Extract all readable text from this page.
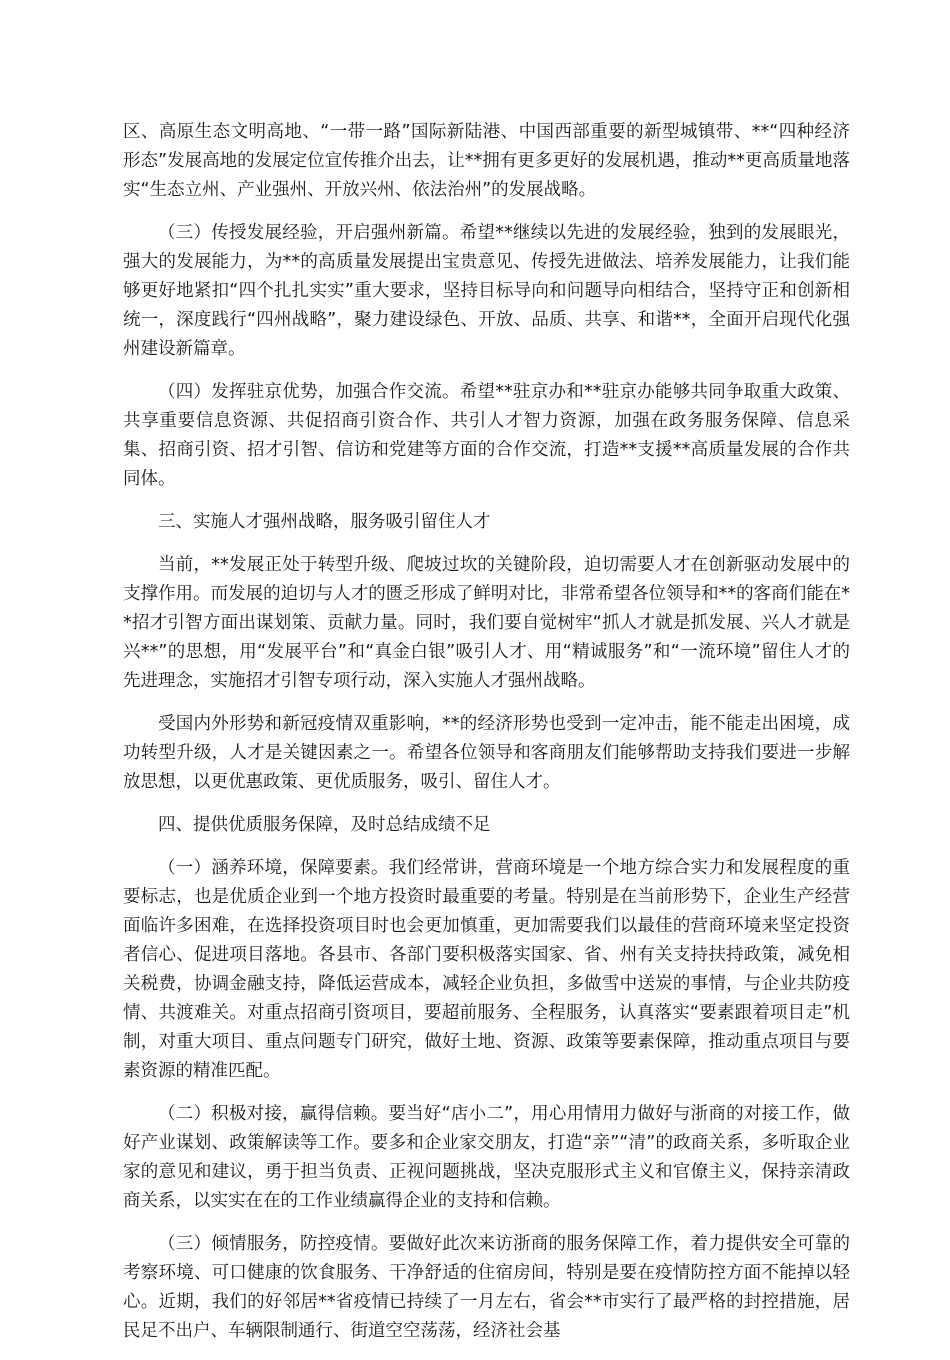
区、高原生态文明高地、“一带一路”国际新陆港、中国西部重要的新型城镇带、**“四种经济形态”发展高地的发展定位宣传推介出去，让**拥有更多更好的发展机遇，推动**更高质量地落实“生态立州、产业强州、开放兴州、依法治州”的发展战略。

（三）传授发展经验，开启强州新篇。希望**继续以先进的发展经验，独到的发展眼光，强大的发展能力，为**的高质量发展提出宝贵意见、传授先进做法、培养发展能力，让我们能够更好地紧扣“四个扎扎实实”重大要求，坚持目标导向和问题导向相结合，坚持守正和创新相统一，深度践行“四州战略”，聚力建设绿色、开放、品质、共享、和谐**，全面开启现代化强州建设新篇章。

（四）发挥驻京优势，加强合作交流。希望**驻京办和**驻京办能够共同争取重大政策、共享重要信息资源、共促招商引资合作、共引人才智力资源，加强在政务服务保障、信息采集、招商引资、招才引智、信访和党建等方面的合作交流，打造**支援**高质量发展的合作共同体。

三、实施人才强州战略，服务吸引留住人才

当前，**发展正处于转型升级、爬坡过坎的关键阶段，迫切需要人才在创新驱动发展中的支撑作用。而发展的迫切与人才的匮乏形成了鲜明对比，非常希望各位领导和**的客商们能在**招才引智方面出谋划策、贡献力量。同时，我们要自觉树牢“抓人才就是抓发展、兴人才就是兴**”的思想，用“发展平台”和“真金白银”吸引人才、用“精诚服务”和“一流环境”留住人才的先进理念，实施招才引智专项行动，深入实施人才强州战略。

受国内外形势和新冠疫情双重影响，**的经济形势也受到一定冲击，能不能走出困境，成功转型升级，人才是关键因素之一。希望各位领导和客商朋友们能够帮助支持我们要进一步解放思想，以更优惠政策、更优质服务，吸引、留住人才。

四、提供优质服务保障，及时总结成绩不足

（一）涵养环境，保障要素。我们经常讲，营商环境是一个地方综合实力和发展程度的重要标志，也是优质企业到一个地方投资时最重要的考量。特别是在当前形势下，企业生产经营面临许多困难，在选择投资项目时也会更加慎重，更加需要我们以最佳的营商环境来坚定投资者信心、促进项目落地。各县市、各部门要积极落实国家、省、州有关支持扶持政策，减免相关税费，协调金融支持，降低运营成本，减轻企业负担，多做雪中送炭的事情，与企业共防疫情、共渡难关。对重点招商引资项目，要超前服务、全程服务，认真落实“要素跟着项目走”机制，对重大项目、重点问题专门研究，做好土地、资源、政策等要素保障，推动重点项目与要素资源的精准匹配。

（二）积极对接，赢得信赖。要当好“店小二”，用心用情用力做好与浙商的对接工作，做好产业谋划、政策解读等工作。要多和企业家交朋友，打造“亲”“清”的政商关系，多听取企业家的意见和建议，勇于担当负责、正视问题挑战，坚决克服形式主义和官僚主义，保持亲清政商关系，以实实在在的工作业绩赢得企业的支持和信赖。

（三）倾情服务，防控疫情。要做好此次来访浙商的服务保障工作，着力提供安全可靠的考察环境、可口健康的饮食服务、干净舒适的住宿房间，特别是要在疫情防控方面不能掉以轻心。近期，我们的好邻居**省疫情已持续了一月左右，省会**市实行了最严格的封控措施，居民足不出户、车辆限制通行、街道空空荡荡，经济社会基
